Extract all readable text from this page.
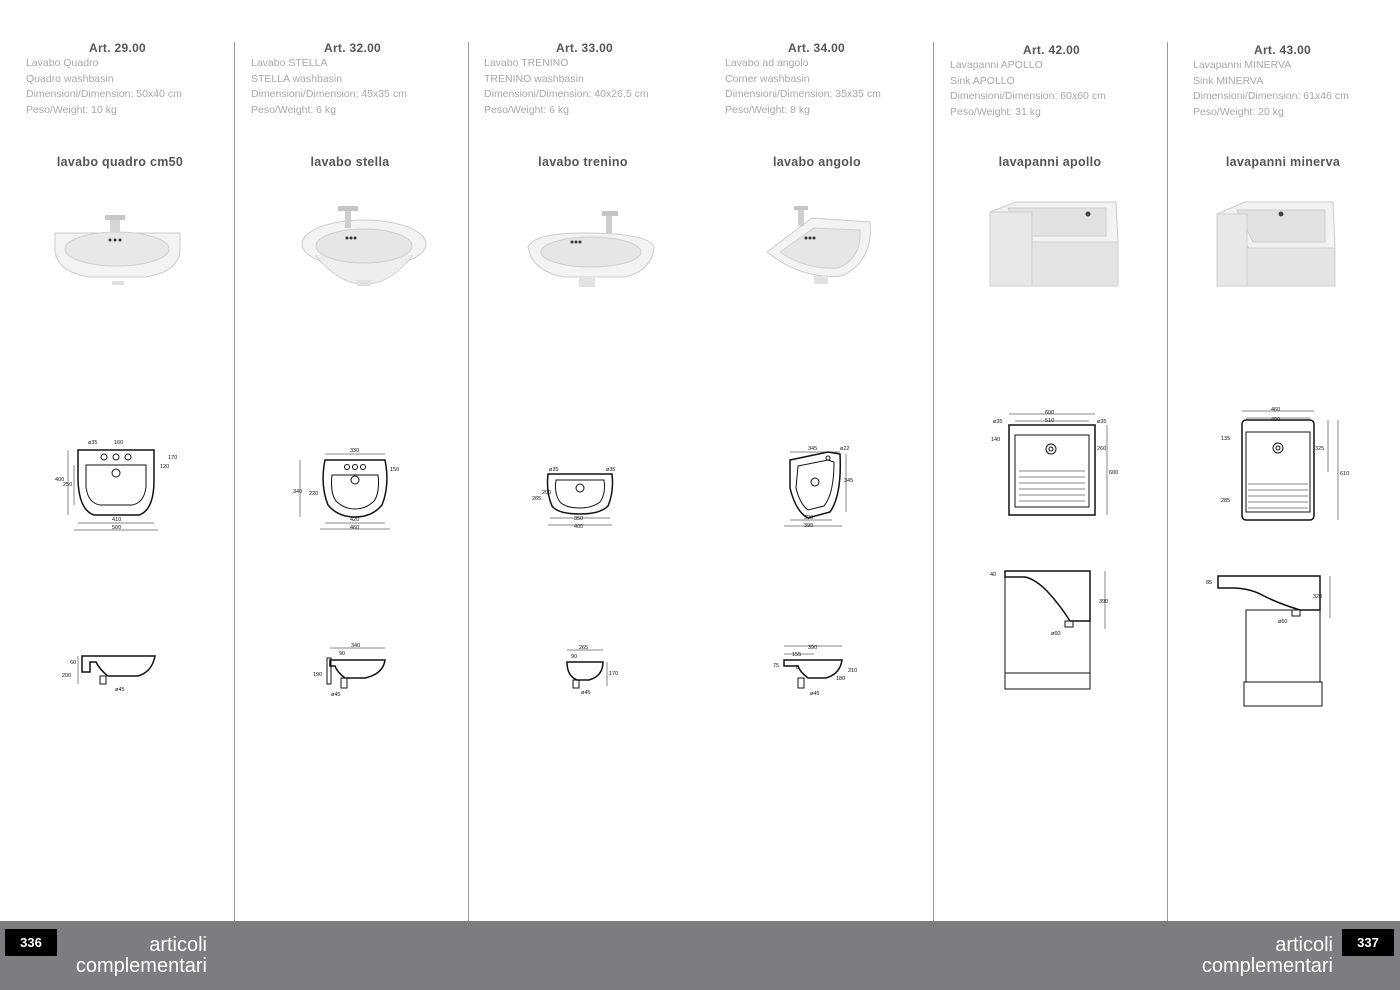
Art. 29.00
Lavabo Quadro
Quadro washbasin
Dimensioni/Dimension: 50x40 cm
Peso/Weight: 10 kg
lavabo quadro cm50
ø35	160
170
120
400
250
410
500
60
200
ø45
Art. 32.00
Lavabo STELLA
STELLA washbasin
Dimensioni/Dimension: 45x35 cm
Peso/Weight: 6 kg
lavabo stella
330
150
340 220
420
460
340
90
190
ø45
Art. 33.00
Lavabo TRENINO
TRENINO washbasin
Dimensioni/Dimension: 40x26,5 cm
Peso/Weight: 6 kg
lavabo trenino
ø35	ø35
200
265
350
400
265
90
170
ø45
Art. 34.00
Lavabo ad angolo
Corner washbasin
Dimensioni/Dimension: 35x35 cm
Peso/Weight: 8 kg
lavabo angolo
345	ø22
345
300
390
390
155
75	8	210
180
ø45
Art. 42.00
Lavapanni APOLLO
Sink APOLLO
Dimensioni/Dimension: 60x60 cm
Peso/Weight: 31 kg
lavapanni apollo
600
510
ø35	ø35
140
260
600
40
390
ø60
Art. 43.00
Lavapanni MINERVA
Sink MINERVA
Dimensioni/Dimension: 61x46 cm
Peso/Weight: 20 kg
lavapanni minerva
460
400
135
325
610
285
85
320
ø60
336	articoli
complementari
articoli
complementari
337
